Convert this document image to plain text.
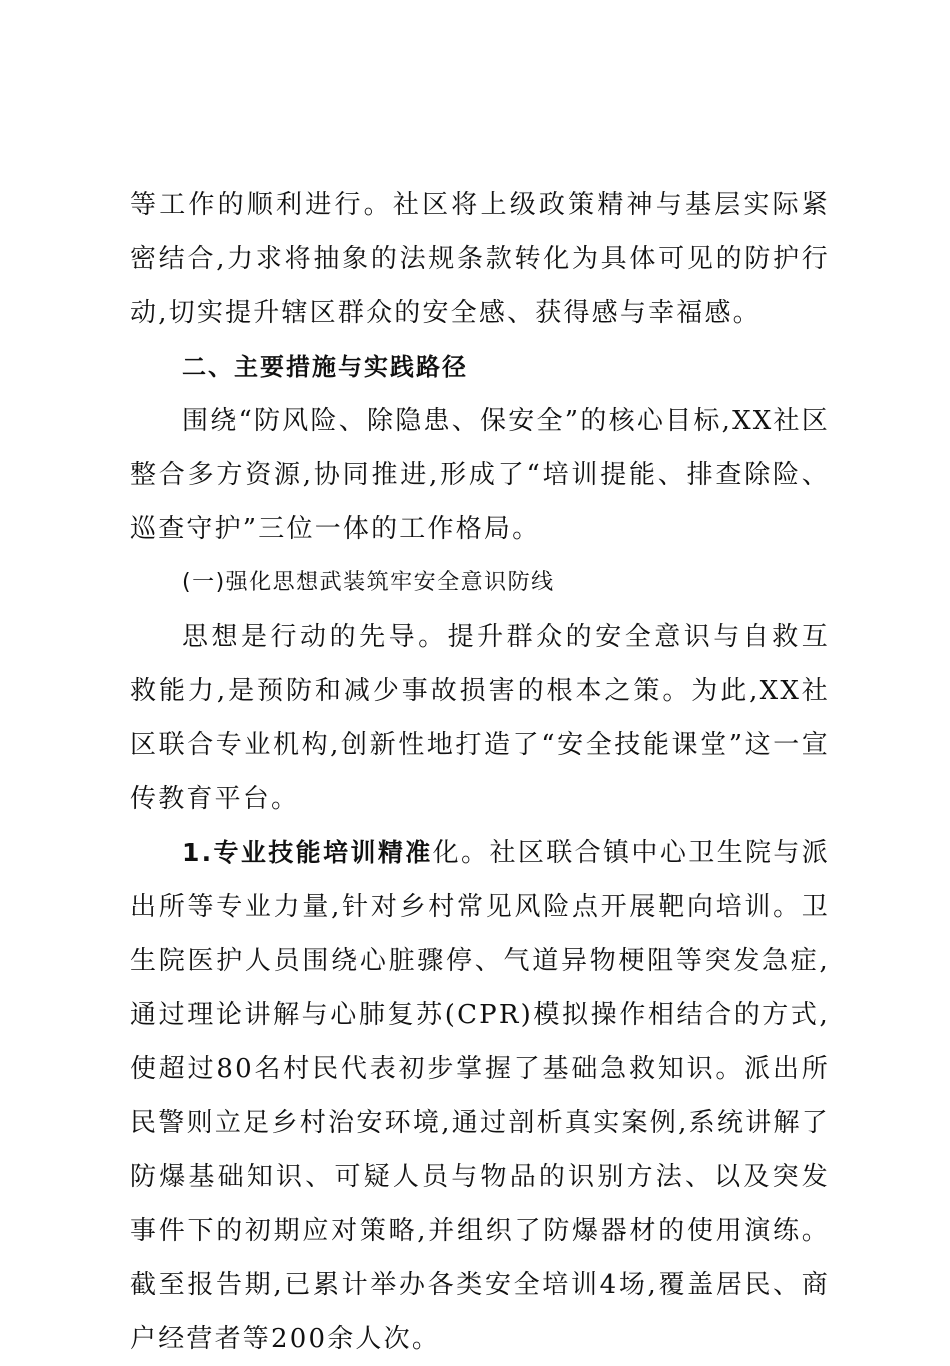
等工作的顺利进行。社区将上级政策精神与基层实际紧密结合,力求将抽象的法规条款转化为具体可见的防护行动,切实提升辖区群众的安全感、获得感与幸福感。

二、主要措施与实践路径

围绕“防风险、除隐患、保安全”的核心目标,XX社区整合多方资源,协同推进,形成了“培训提能、排查除险、巡查守护”三位一体的工作格局。

(一)强化思想武装筑牢安全意识防线

思想是行动的先导。提升群众的安全意识与自救互救能力,是预防和减少事故损害的根本之策。为此,XX社区联合专业机构,创新性地打造了“安全技能课堂”这一宣传教育平台。

1.专业技能培训精准化。社区联合镇中心卫生院与派出所等专业力量,针对乡村常见风险点开展靶向培训。卫生院医护人员围绕心脏骤停、气道异物梗阻等突发急症,通过理论讲解与心肺复苏(CPR)模拟操作相结合的方式,使超过80名村民代表初步掌握了基础急救知识。派出所民警则立足乡村治安环境,通过剖析真实案例,系统讲解了防爆基础知识、可疑人员与物品的识别方法、以及突发事件下的初期应对策略,并组织了防爆器材的使用演练。截至报告期,已累计举办各类安全培训4场,覆盖居民、商户经营者等200余人次。
